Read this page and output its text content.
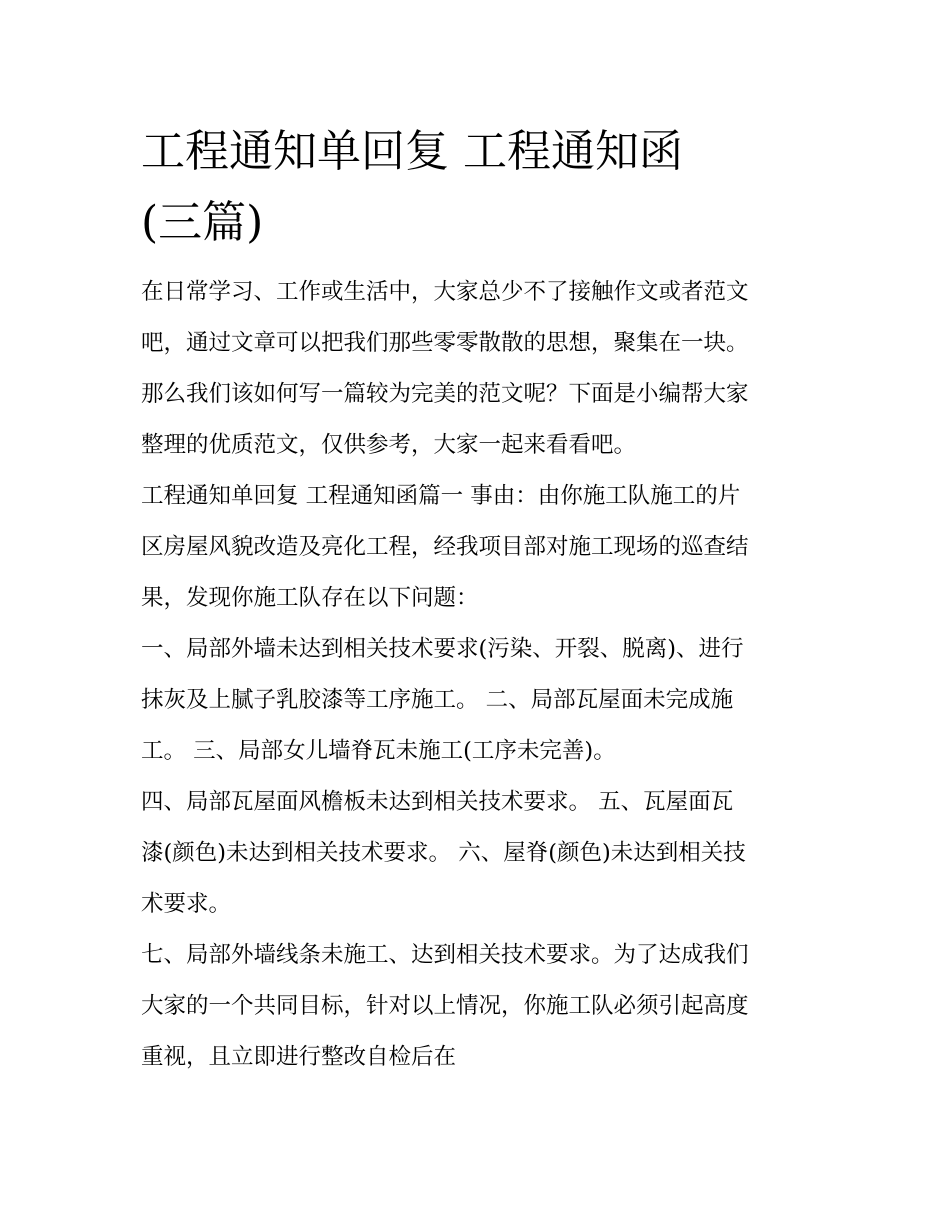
工程通知单回复 工程通知函
(三篇)

在日常学习、工作或生活中，大家总少不了接触作文或者范文
吧，通过文章可以把我们那些零零散散的思想，聚集在一块。
那么我们该如何写一篇较为完美的范文呢？下面是小编帮大家
整理的优质范文，仅供参考，大家一起来看看吧。

工程通知单回复 工程通知函篇一 事由：由你施工队施工的片
区房屋风貌改造及亮化工程，经我项目部对施工现场的巡查结
果，发现你施工队存在以下问题：

一、局部外墙未达到相关技术要求(污染、开裂、脱离)、进行
抹灰及上腻子乳胶漆等工序施工。 二、局部瓦屋面未完成施
工。 三、局部女儿墙脊瓦未施工(工序未完善)。

四、局部瓦屋面风檐板未达到相关技术要求。 五、瓦屋面瓦
漆(颜色)未达到相关技术要求。 六、屋脊(颜色)未达到相关技
术要求。

七、局部外墙线条未施工、达到相关技术要求。为了达成我们
大家的一个共同目标，针对以上情况，你施工队必须引起高度
重视，且立即进行整改自检后在
